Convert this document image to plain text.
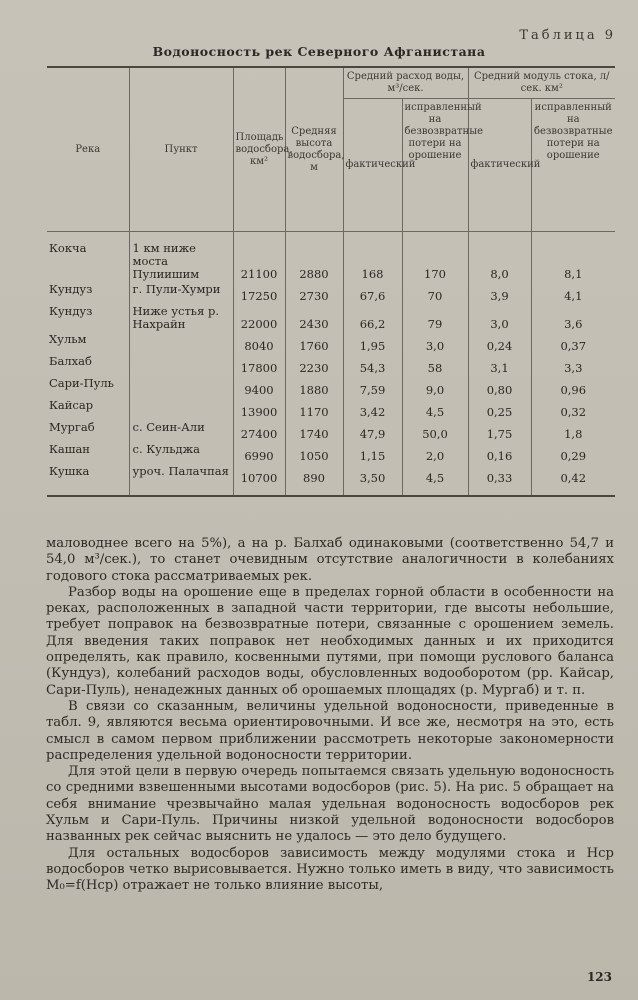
Таблица 9
Водоносность рек Северного Афганистана
Река	Пункт	Площадь водосбора, км²	Средняя высота водосбора, м	Средний расход воды, м³/сек.		Средний модуль стока, л/сек. км²	
				фактический	исправленный на безвозвратные потери на орошение	фактический	исправленный на безвозвратные потери на орошение
Кокча	1 км ниже моста Пулиишим	21100	2880	168	170	8,0	8,1
Кундуз	г. Пули-Хумри	17250	2730	67,6	70	3,9	4,1
Кундуз	Ниже устья р. Нахрайн	22000	2430	66,2	79	3,0	3,6
Хульм		8040	1760	1,95	3,0	0,24	0,37
Балхаб		17800	2230	54,3	58	3,1	3,3
Сари-Пуль		9400	1880	7,59	9,0	0,80	0,96
Кайсар		13900	1170	3,42	4,5	0,25	0,32
Мургаб	с. Сеин-Али	27400	1740	47,9	50,0	1,75	1,8
Кашан	с. Кульджа	6990	1050	1,15	2,0	0,16	0,29
Кушка	уроч. Палачпая	10700	890	3,50	4,5	0,33	0,42

маловоднее всего на 5%), а на р. Балхаб одинаковыми (соответственно 54,7 и 54,0 м³/сек.), то станет очевидным отсутствие аналогичности в колебаниях годового стока рассматриваемых рек.

Разбор воды на орошение еще в пределах горной области в особенности на реках, расположенных в западной части территории, где высоты небольшие, требует поправок на безвозвратные потери, связанные с орошением земель. Для введения таких поправок нет необходимых данных и их приходится определять, как правило, косвенными путями, при помощи руслового баланса (Кундуз), колебаний расходов воды, обусловленных водооборотом (рр. Кайсар, Сари-Пуль), ненадежных данных об орошаемых площадях (р. Мургаб) и т. п.

В связи со сказанным, величины удельной водоносности, приведенные в табл. 9, являются весьма ориентировочными. И все же, несмотря на это, есть смысл в самом первом приближении рассмотреть некоторые закономерности распределения удельной водоносности территории.

Для этой цели в первую очередь попытаемся связать удельную водоносность со средними взвешенными высотами водосборов (рис. 5). На рис. 5 обращает на себя внимание чрезвычайно малая удельная водоносность водосборов рек Хульм и Сари-Пуль. Причины низкой удельной водоносности водосборов названных рек сейчас выяснить не удалось — это дело будущего.

Для остальных водосборов зависимость между модулями стока и Hср водосборов четко вырисовывается. Нужно только иметь в виду, что зависимость M₀=f(Hср) отражает не только влияние высоты,

123
